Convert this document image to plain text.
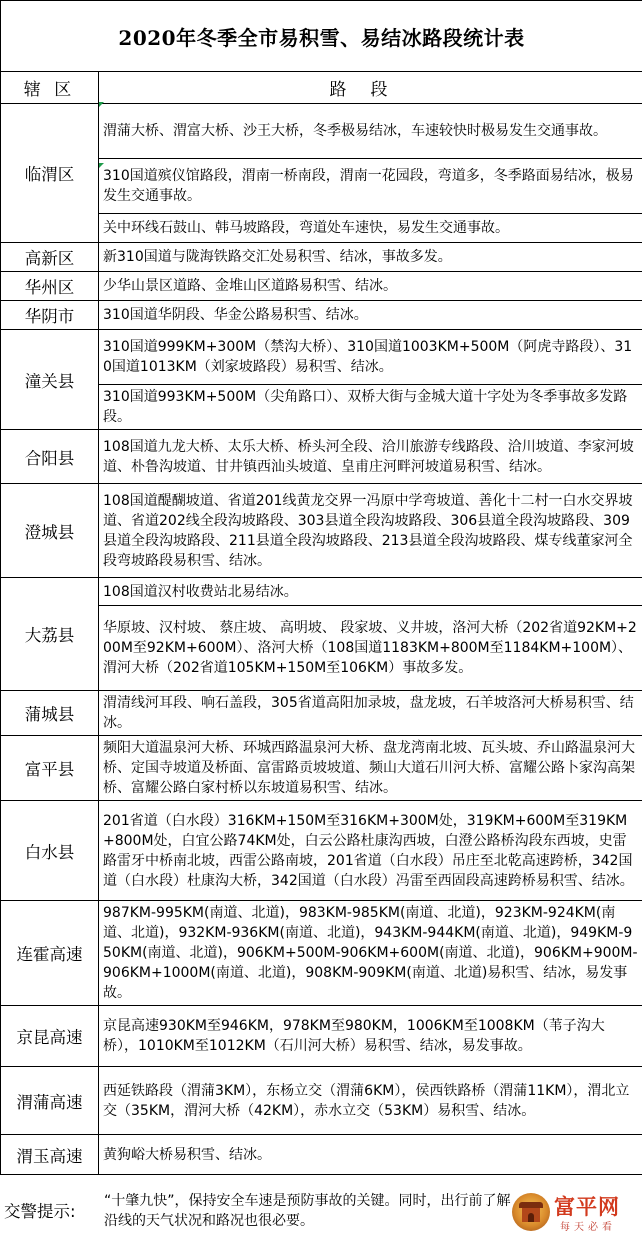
2020年冬季全市易积雪、易结冰路段统计表	
辖 区	路段
临渭区	渭蒲大桥、渭富大桥、沙王大桥，冬季极易结冰，车速较快时极易发生交通事故。
	310国道殡仪馆路段，渭南一桥南段，渭南一花园段，弯道多，冬季路面易结冰，极易发生交通事故。
	关中环线石鼓山、韩马坡路段，弯道处车速快，易发生交通事故。
高新区	新310国道与陇海铁路交汇处易积雪、结冰，事故多发。
华州区	少华山景区道路、金堆山区道路易积雪、结冰。
华阴市	310国道华阴段、华金公路易积雪、结冰。
潼关县	310国道999KM+300M（禁沟大桥）、310国道1003KM+500M（阿虎寺路段）、310国道1013KM（刘家坡路段）易积雪、结冰。
	310国道993KM+500M（尖角路口）、双桥大街与金城大道十字处为冬季事故多发路段。
合阳县	108国道九龙大桥、太乐大桥、桥头河全段、洽川旅游专线路段、洽川坡道、李家河坡道、朴鲁沟坡道、甘井镇西汕头坡道、皇甫庄河畔河坡道易积雪、结冰。
澄城县	108国道醍醐坡道、省道201线黄龙交界一冯原中学弯坡道、善化十二村一白水交界坡道、省道202线全段沟坡路段、303县道全段沟坡路段、306县道全段沟坡路段、309县道全段沟坡路段、211县道全段沟坡路段、213县道全段沟坡路段、煤专线董家河全段弯坡路段易积雪、结冰。
大荔县	108国道汉村收费站北易结冰。
	华原坡、汉村坡、 蔡庄坡、 高明坡、 段家坡、义井坡，洛河大桥（202省道92KM+200M至92KM+600M）、洛河大桥（108国道1183KM+800M至1184KM+100M）、渭河大桥（202省道105KM+150M至106KM）事故多发。
蒲城县	渭清线河耳段、响石盖段，305省道高阳加录坡，盘龙坡，石羊坡洛河大桥易积雪、结冰。
富平县	频阳大道温泉河大桥、环城西路温泉河大桥、盘龙湾南北坡、瓦头坡、乔山路温泉河大桥、定国寺坡道及桥面、富雷路贡坡坡道、频山大道石川河大桥、富耀公路卜家沟高架桥、富耀公路白家村桥以东坡道易积雪、结冰。
白水县	201省道（白水段）316KM+150M至316KM+300M处，319KM+600M至319KM+800M处，白宜公路74KM处，白云公路杜康沟西坡，白澄公路桥沟段东西坡，史雷路雷牙中桥南北坡，西雷公路南坡，201省道（白水段）吊庄至北乾高速跨桥，342国道（白水段）杜康沟大桥，342国道（白水段）冯雷至西固段高速跨桥易积雪、结冰。
连霍高速	987KM-995KM(南道、北道)，983KM-985KM(南道、北道)，923KM-924KM(南道、北道)，932KM-936KM(南道、北道)，943KM-944KM(南道、北道)，949KM-950KM(南道、北道)，906KM+500M-906KM+600M(南道、北道)，906KM+900M-906KM+1000M(南道、北道)，908KM-909KM(南道、北道)易积雪、结冰，易发事故。
京昆高速	京昆高速930KM至946KM，978KM至980KM，1006KM至1008KM（苇子沟大桥），1010KM至1012KM（石川河大桥）易积雪、结冰，易发事故。
渭蒲高速	西延铁路段（渭蒲3KM），东杨立交（渭蒲6KM），侯西铁路桥（渭蒲11KM），渭北立交（35KM，渭河大桥（42KM），赤水立交（53KM）易积雪、结冰。
渭玉高速	黄狗峪大桥易积雪、结冰。
交警提示:
“十肇九快”，保持安全车速是预防事故的关键。同时，出行前了解沿线的天气状况和路况也很必要。
富平网
每天必看
